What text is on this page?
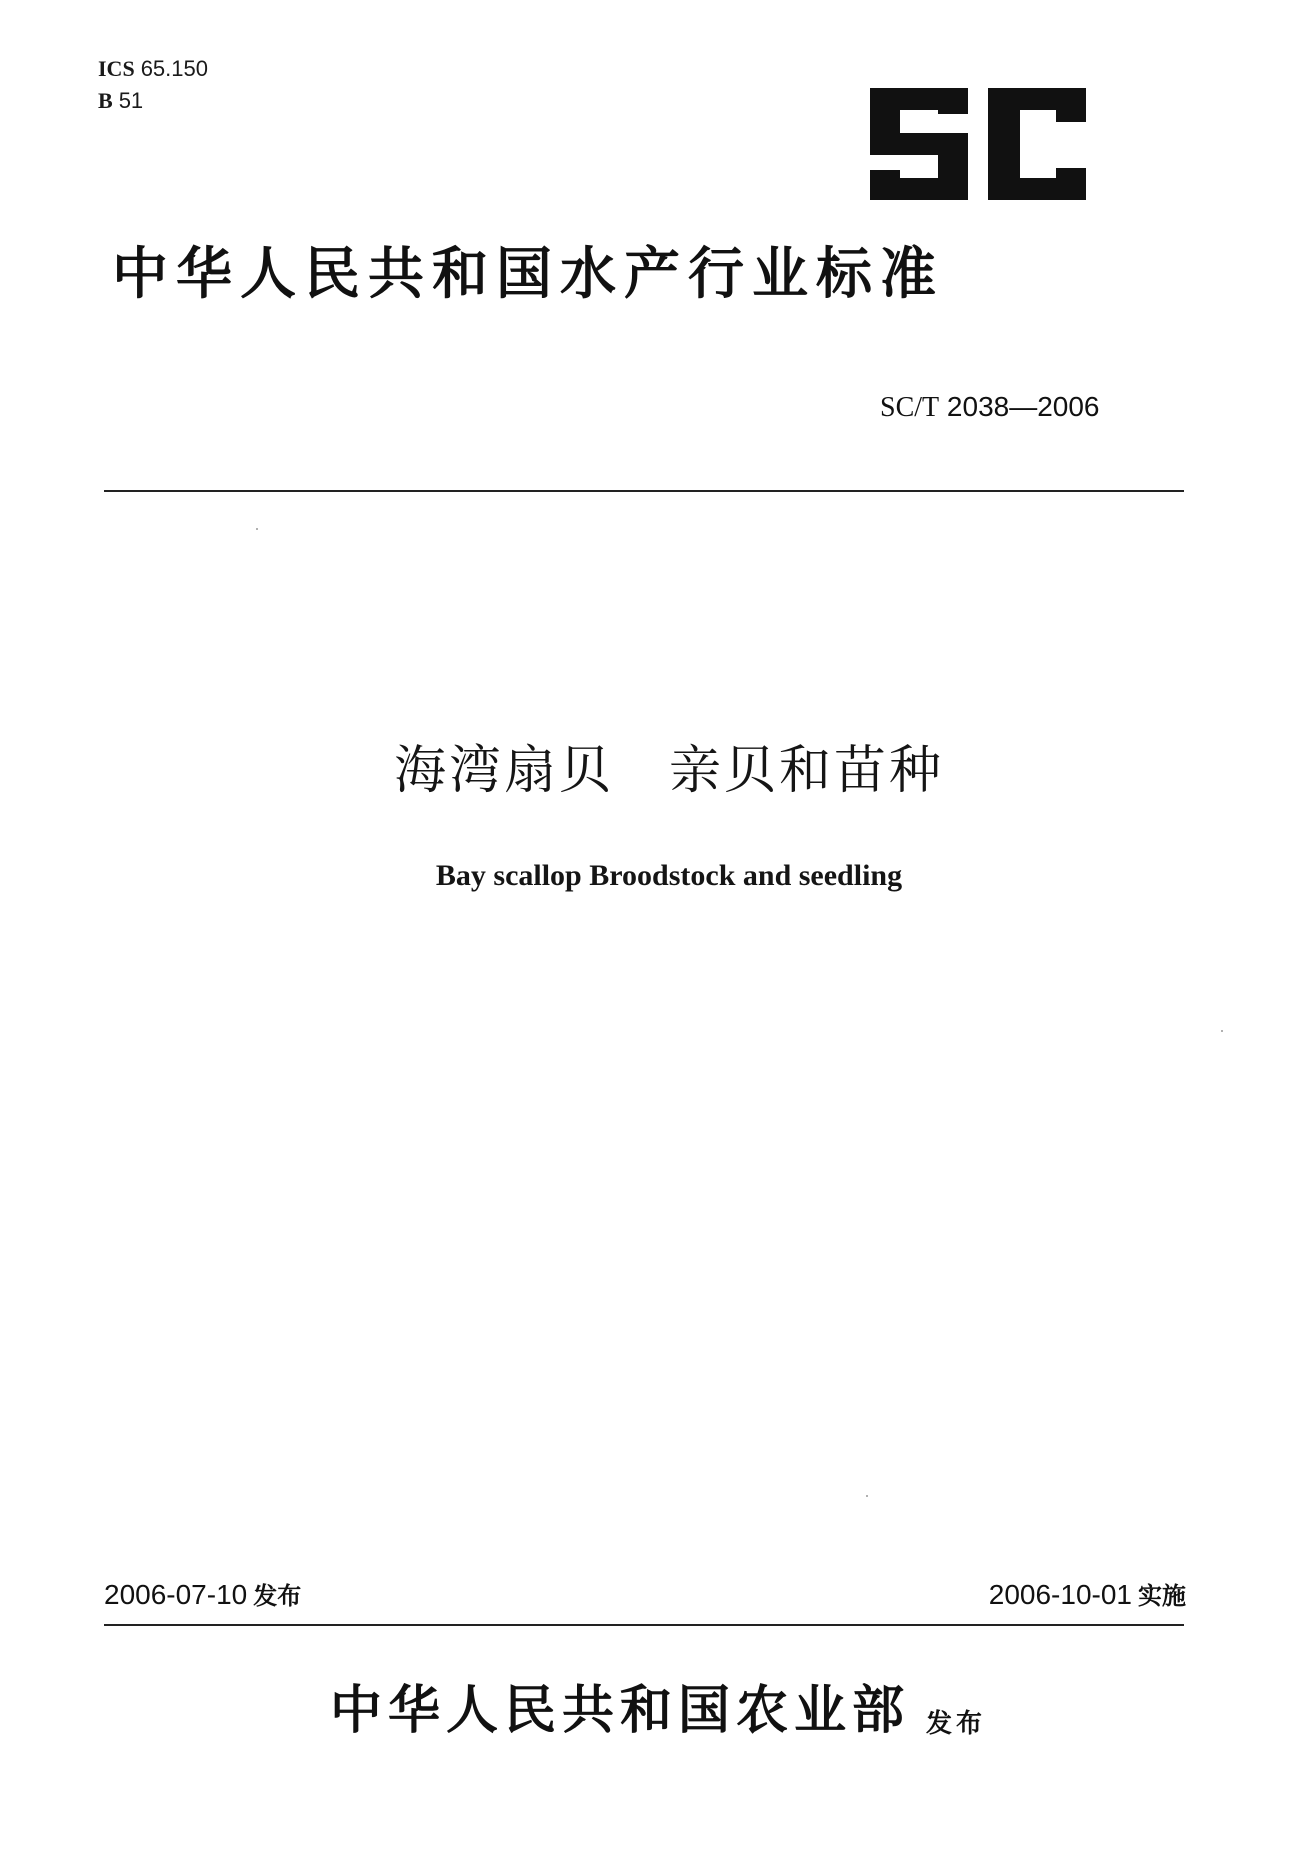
ICS 65.150
B 51
中华人民共和国水产行业标准
SC/T 2038—2006
海湾扇贝　亲贝和苗种
Bay scallop Broodstock and seedling
2006-07-10 发布	2006-10-01 实施
中华人民共和国农业部 发布
